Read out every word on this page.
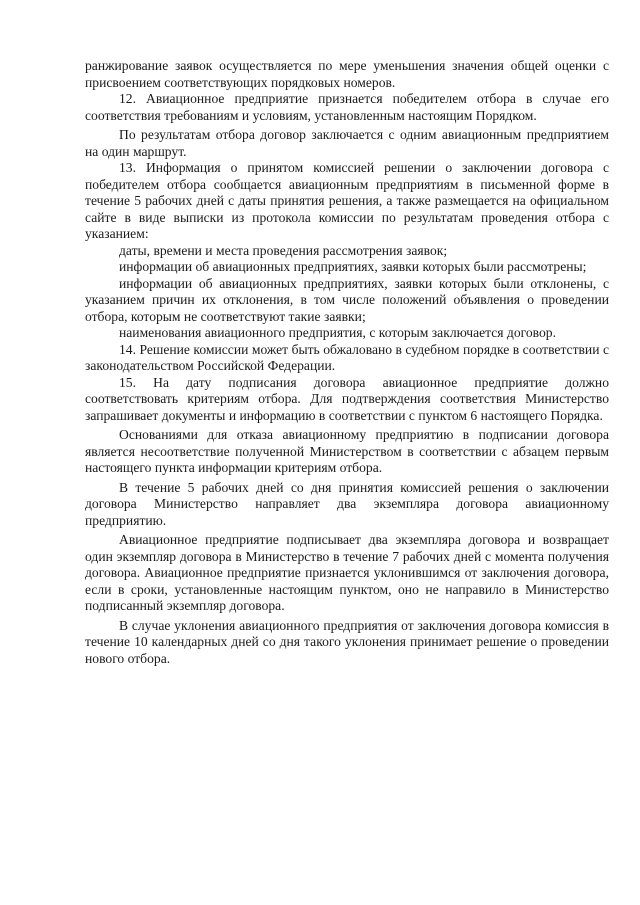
ранжирование заявок осуществляется по мере уменьшения значения общей оценки с присвоением соответствующих порядковых номеров.

12. Авиационное предприятие признается победителем отбора в случае его соответствия требованиям и условиям, установленным настоящим Порядком.

По результатам отбора договор заключается с одним авиационным предприятием на один маршрут.

13. Информация о принятом комиссией решении о заключении договора с победителем отбора сообщается авиационным предприятиям в письменной форме в течение 5 рабочих дней с даты принятия решения, а также размещается на официальном сайте в виде выписки из протокола комиссии по результатам проведения отбора с указанием:

даты, времени и места проведения рассмотрения заявок;

информации об авиационных предприятиях, заявки которых были рассмотрены;

информации об авиационных предприятиях, заявки которых были отклонены, с указанием причин их отклонения, в том числе положений объявления о проведении отбора, которым не соответствуют такие заявки;

наименования авиационного предприятия, с которым заключается договор.

14. Решение комиссии может быть обжаловано в судебном порядке в соответствии с законодательством Российской Федерации.

15. На дату подписания договора авиационное предприятие должно соответствовать критериям отбора. Для подтверждения соответствия Министерство запрашивает документы и информацию в соответствии с пунктом 6 настоящего Порядка.

Основаниями для отказа авиационному предприятию в подписании договора является несоответствие полученной Министерством в соответствии с абзацем первым настоящего пункта информации критериям отбора.

В течение 5 рабочих дней со дня принятия комиссией решения о заключении договора Министерство направляет два экземпляра договора авиационному предприятию.

Авиационное предприятие подписывает два экземпляра договора и возвращает один экземпляр договора в Министерство в течение 7 рабочих дней с момента получения договора. Авиационное предприятие признается уклонившимся от заключения договора, если в сроки, установленные настоящим пунктом, оно не направило в Министерство подписанный экземпляр договора.

В случае уклонения авиационного предприятия от заключения договора комиссия в течение 10 календарных дней со дня такого уклонения принимает решение о проведении нового отбора.
